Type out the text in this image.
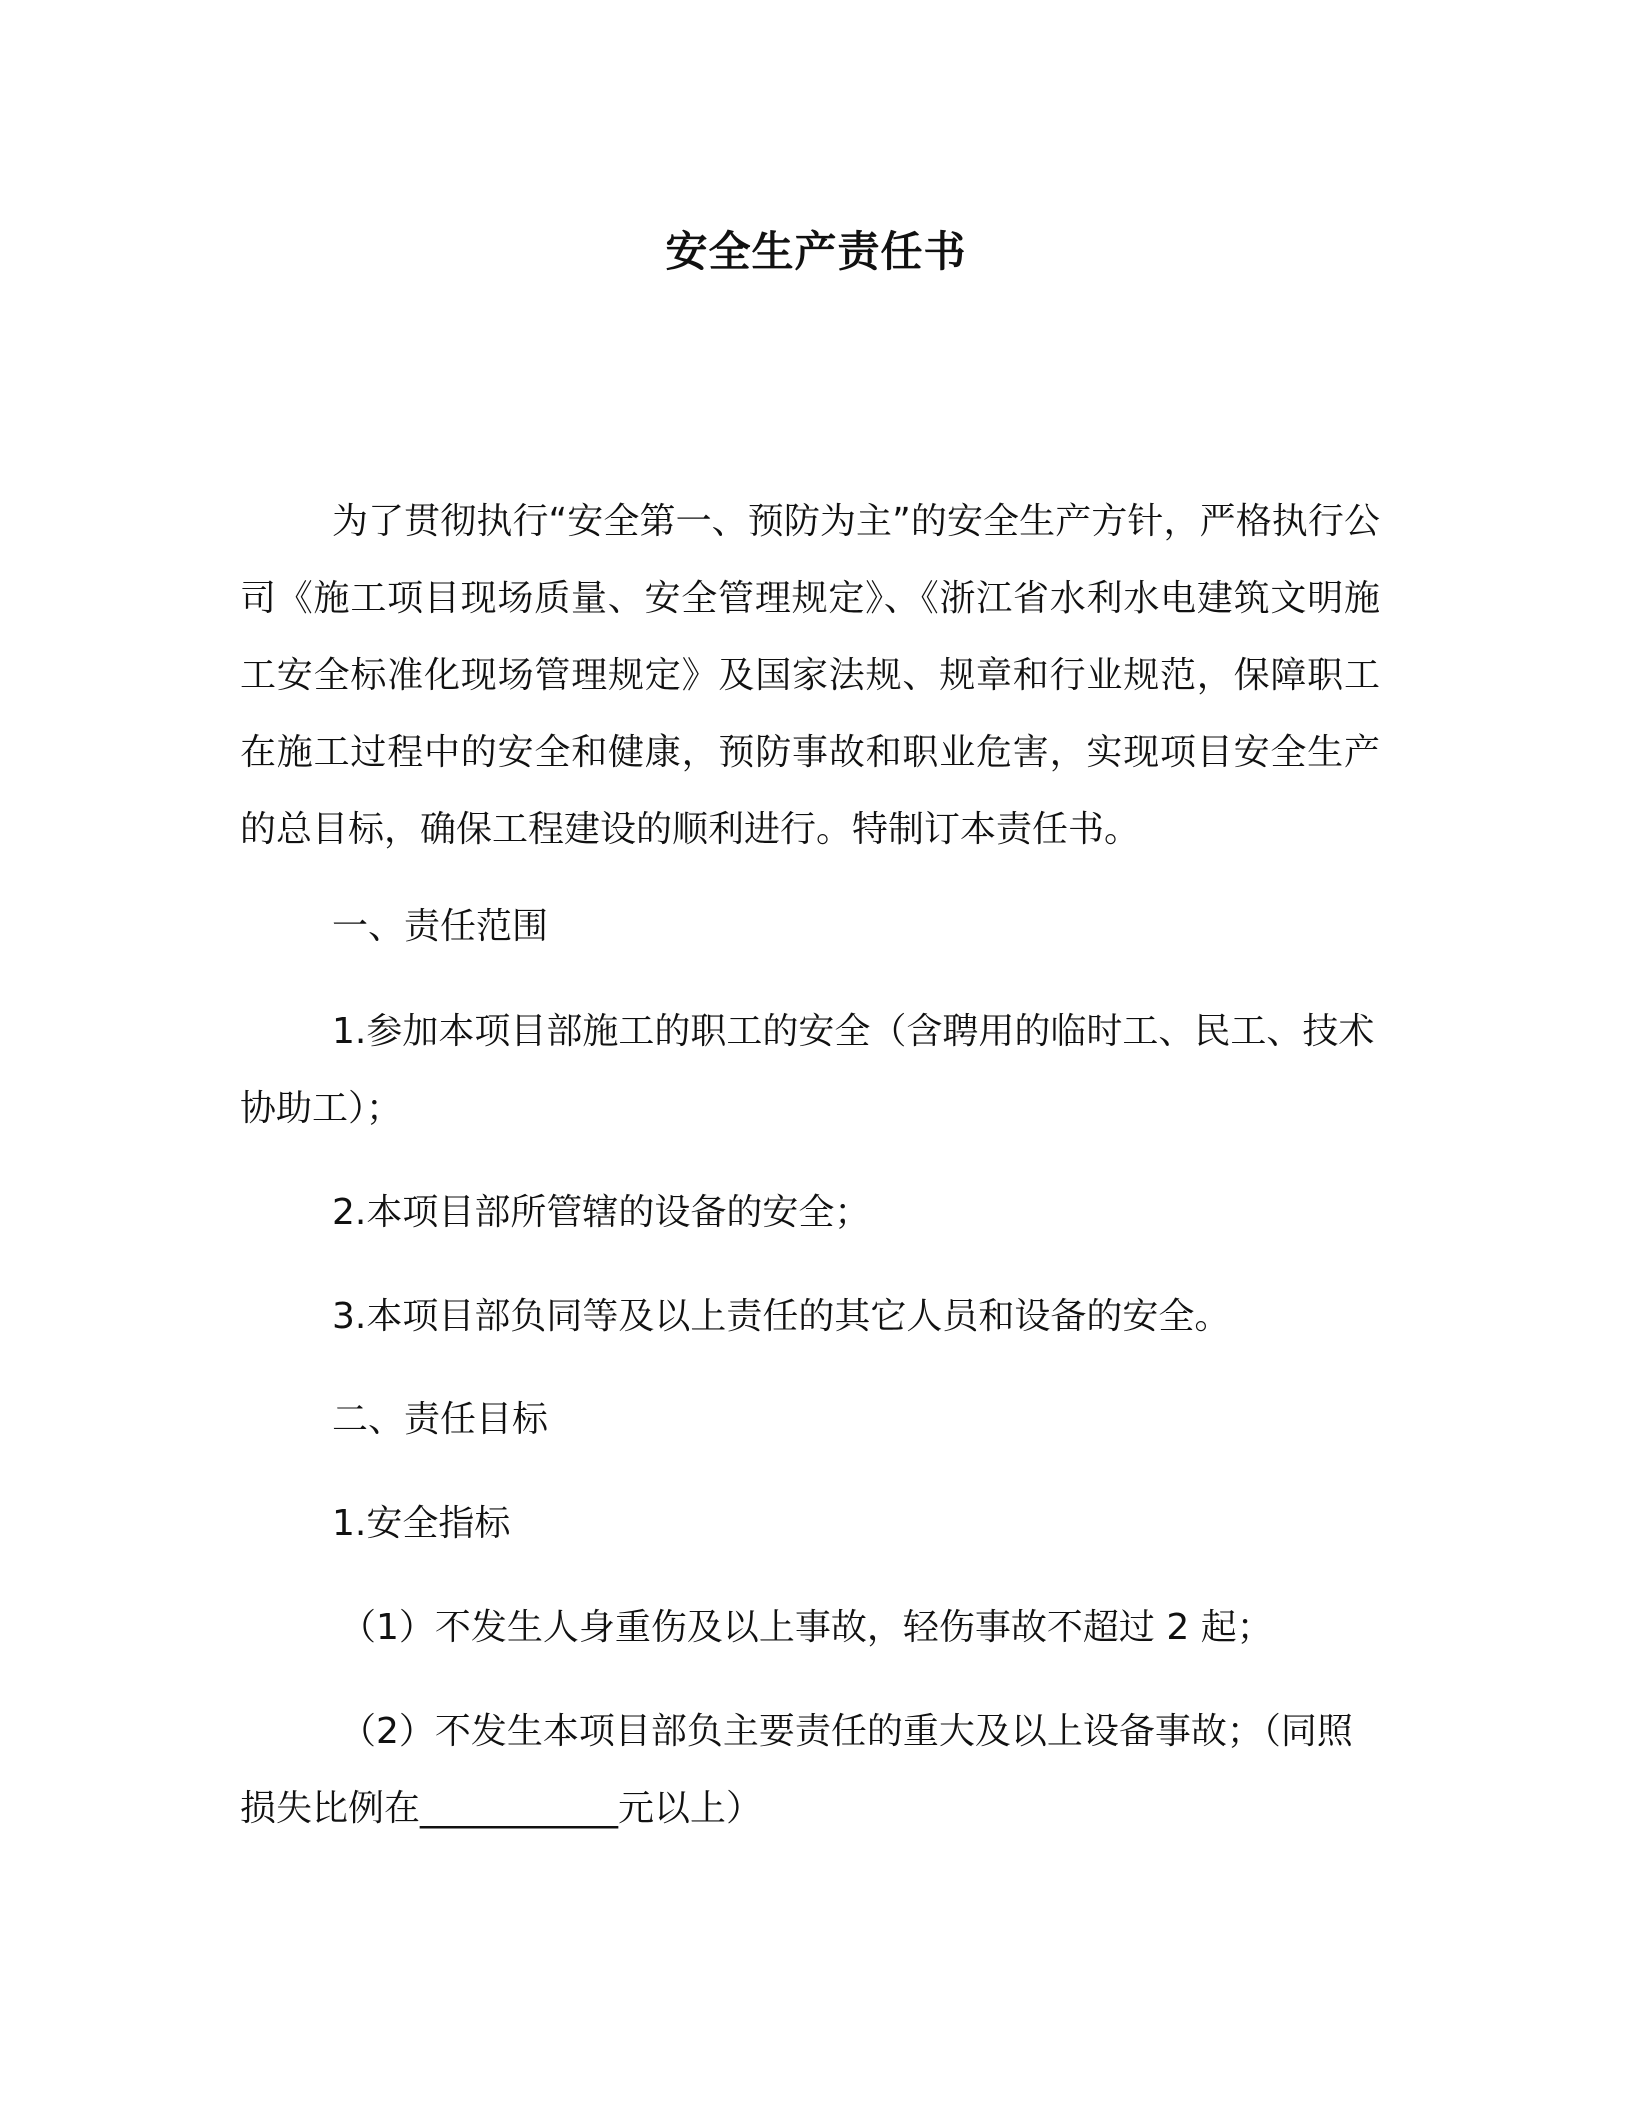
安全生产责任书
为了贯彻执行“安全第一、预防为主”的安全生产方针，严格执行公司《施工项目现场质量、安全管理规定》、《浙江省水利水电建筑文明施工安全标准化现场管理规定》及国家法规、规章和行业规范，保障职工在施工过程中的安全和健康，预防事故和职业危害，实现项目安全生产的总目标，确保工程建设的顺利进行。特制订本责任书。
一、责任范围
1.参加本项目部施工的职工的安全（含聘用的临时工、民工、技术协助工）；
2.本项目部所管辖的设备的安全；
3.本项目部负同等及以上责任的其它人员和设备的安全。
二、责任目标
1.安全指标
（1）不发生人身重伤及以上事故，轻伤事故不超过 2 起；
（2）不发生本项目部负主要责任的重大及以上设备事故；（同照损失比例在___________元以上）
